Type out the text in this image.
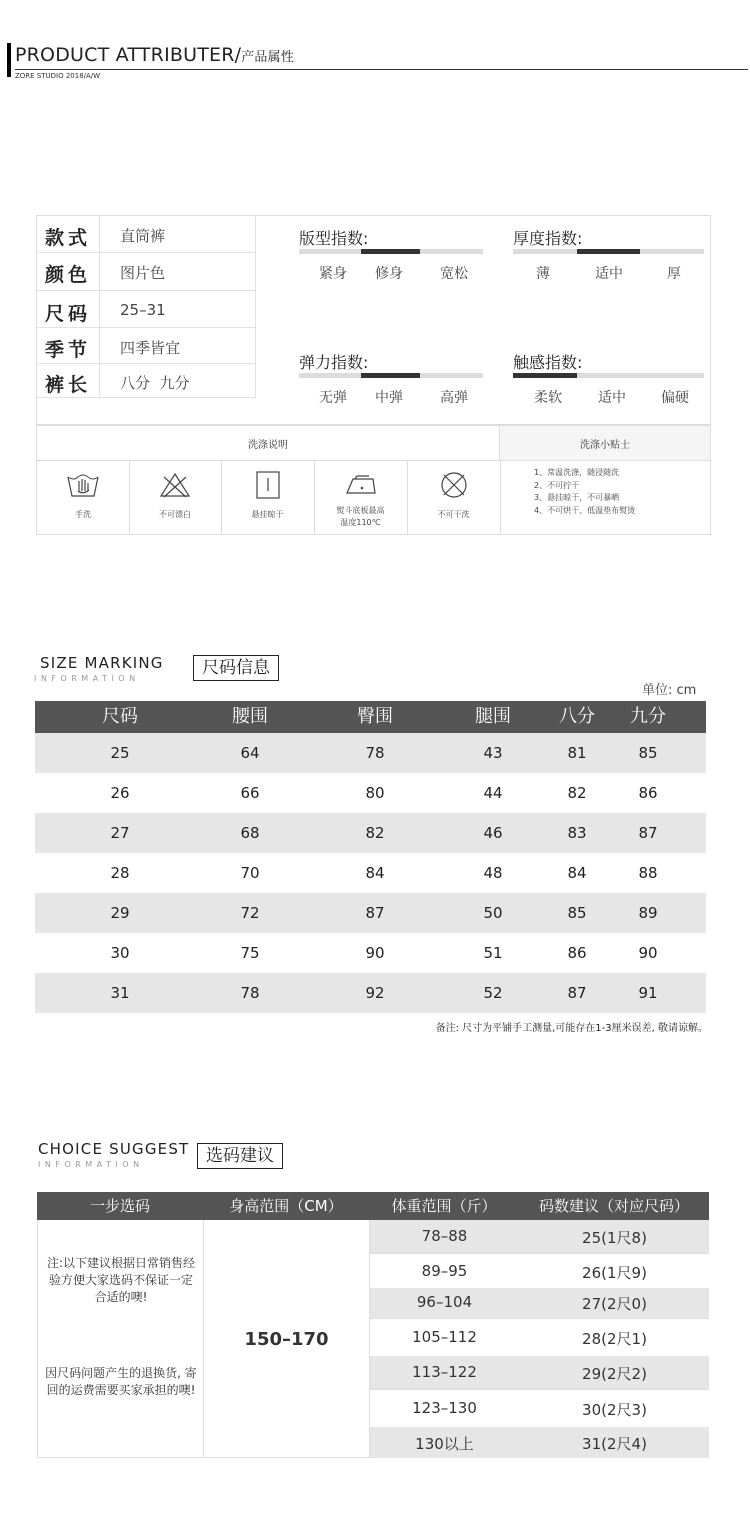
PRODUCT ATTRIBUTER/产品属性
ZORE STUDIO 2018/A/W
款式 直筒裤
颜色 图片色
尺码 25–31
季节 四季皆宜
裤长 八分  九分
版型指数:
紧身	修身	宽松
厚度指数:
薄	适中	厚
弹力指数:
无弹	中弹	高弹
触感指数:
柔软	适中	偏硬
洗涤说明	洗涤小贴士
手洗	不可漂白	悬挂晾干	熨斗底板最高
温度110℃
不可干洗
1、常温洗涤，随浸随洗
2、不可拧干
3、悬挂晾干，不可暴晒
4、不可烘干、低温垫布熨烫
SIZE MARKING
INFORMATION
尺码信息
单位: cm
尺码	腰围	臀围	腿围	八分	九分
25	64	78	43	81	85
26	66	80	44	82	86
27	68	82	46	83	87
28	70	84	48	84	88
29	72	87	50	85	89
30	75	90	51	86	90
31	78	92	52	87	91
备注: 尺寸为平铺手工测量,可能存在1-3厘米误差, 敬请谅解。
CHOICE SUGGEST
INFORMATION	选码建议
一步选码	身高范围（CM）	体重范围（斤）	码数建议（对应尺码）
注:以下建议根据日常销售经验方便大家选码不保证一定合适的噢!
因尺码问题产生的退换货, 寄回的运费需要买家承担的噢!
150–170
78–88	25(1尺8)
89–95	26(1尺9)
96–104	27(2尺0)
105–112	28(2尺1)
113–122	29(2尺2)
123–130	30(2尺3)
130以上	31(2尺4)
